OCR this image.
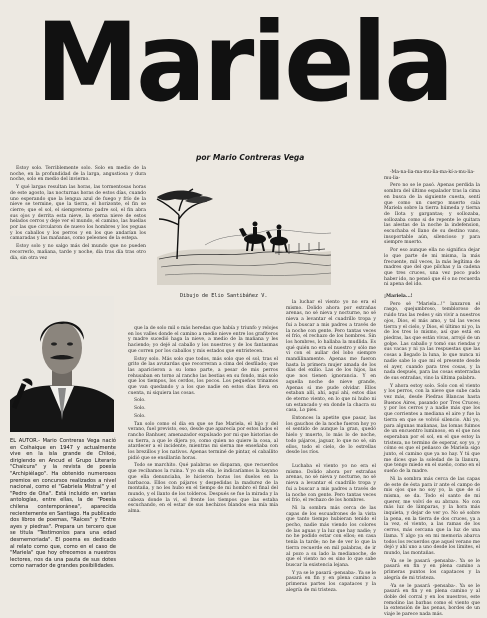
Mariela
por Mario Contreras Vega

Estoy solo. Terriblemente solo. Solo en medio de la noche, en la profundidad de la larga, angustiosa y dura noche, solo en medio del invierno.

Y qué largas resultan las horas, las tormentosas horas de este agosto, las nocturnas horas de estos días, cuando uno esperando que la lengua azul de fuego y frío de la nieve se termine, que la tierra, el horizonte, el fin se cierre; que el sol, el siempreterno padre sol, el fin abra sus ojos y derrita esta nieve, la eterna nieve de estos helados cerros y deje ver el mundo, el camino, las huellas por las que circularon de nuevo los hombres y los yeguas y los caballos y los perros y en los que andarían los camaradas y las mañanas, como peleones de la estepa.

Estoy solo y no salgo más del mundo que no pueden recorrerlo, mañana, tarde y noche, día tras día tras otro día, sin otra vez

Dibujo de Elio Santibáñez V.
EL AUTOR.- Mario Contreras Vega nació en Coihaique en 1947 y actualmente vive en la isla grande de Chiloé, dirigiendo en Ancud el Grupo Literario "Chaicura" y la revista de poesía "Archipiélago". Ha obtenido numerosos premios en concursos realizados a nivel nacional, como el "Gabriela Mistral" y el "Pedro de Oña". Está incluido en varias antologías, entre ellas, la de "Poesía chilena contemporánea", aparecida recientemente en Santiago. Ha publicado dos libros de poemas, "Raíces" y "Entre ayes y piedras". Prepara un tercero que se titula "Testimonios para una edad desmemoriada". El poema es dedicado al relato como que, como en el caso de "Mariela" que hoy ofrecemos a nuestros lectores, nos da una pauta de sus dotes como narrador de grandes posibilidades.

la luchar el viento yo no era el mismo. Dolido ahora por extrañas arenas, no sé nieva y nocturne, no sé nieva a levantar el cuadrillo tropa y fui a buscar a mis padres a través de la noche con gente. Pero tantas veces el frío, el rechazo de los hombres. Sin los hombres, lo hallaba la mudlida. Es qué quién no era el nuestro y sólo me vi con el aullar del lobo siempre mandilinamente. Apenas me fueron hasta la primera mujer amada de los días del exilio. Las de los hijos, las que nos tienen ignorancia. Y en aquella noche de nieve grande, Apenas si me pude olvidar. Ellos estaban allí, ahí, aquí ahí, estos días de eterno viento, en lo que ni hubo ni un estancado y en donde la chacra su casa, Lo pies.

Entonces la apetite que pasar, las los gauchos de la noche fueron hoy yo el sentido de aunque la gran, quedó hielo y muerto, lo más lo de noche, todo pájaros, jaguar, lo que no sé, sin ellos, todo el cielo, de lo estrellas desde los ríos.

que la de solo mil o más heredas que había y triunfo y relojes en los valles donde el camino a medio nieve entre los grafiteros y madre sucedió haga la nieve, a medio de la mañana y les haciendo; yo dejé al caballo y los nuestros y de los fantasmas que corren por los caballos y mis estados que entristecen.

Estoy solo. Más solo que todos, más solo que el sol, tras el grito de las avutardas que recorreran a cima del desfilado; que las aparicieron a su lomo parte, a pesar de mis perros rehusaban en torno al rancho las bestias en su fondo, más solo que los tiempos, los cerdos, los pocos. Los pequeños trinamos que van quedando y a los que nadie en estos días lleva en cuenta, ni siquiera las cosas.

Solo.

Solo.

Solo.

Tan solo como el día en que se fue Mariela, el hijo y del verano, fuel previsto, eso, desde que aparecía por estos lados el rancho Banhuer, amenazador expulsado por mi que historias de su tierra, a que le dijera yo, como quien no quiere la cosa, al atardecer a el incidente, mientras mi sierna me enseñaba con los brezillos y los nativos. Apenas terminé de pintar, el caballito pidió que se ensillarán horas.

Todo se marchito. Qué palabras se disparan, que recuerdos que recibamos la ruina. Y yo sin ella, le indicaríamos la kayano que ella denunciaba, le hicieron horas los duelos en la barbacoa. Ellos con pájaros y despedidas la madurez de la montaña, y no les hubo en el tiempo de mi hombro el final del mundo, y el llanto de los tolderos. Después se fue la mirada y la cabeza donde la vi, el frente los tiempos que las estaba escuchando, en el estar de sus hechizos blandos esa mía mía alma.

Luchaba el viento yo no era el mismo. Dolido ahora por extrañas arenas, no sé nieva y nocturne, no sé nieva a levantar el cuadrillo tropa y fui a buscar a mis padres a través de la noche con gente. Pero tantas veces el frío, el rechazo de los hombres.

Ni la sombra más cerca de las capas de los escuadrones de la vista que tanto tiempo hubieran tenido el pecho, nadie más viendo los colores de las aguas y la luz que hay nadie; y no he podido estar con ellos; en casa tenía la tarde; no he de ver lo que la tierra recuerde en mil palabras, de ir al pozo a su lado la medianoche, de que el viento no es sino lo que sabe buscar la existencia lejana.

Y ya se le pasará -pensaba-. Ya se le pasará en fin y en plena camino a primeras partes los capataces y la alegría de mi tristeza.

-Ma-na-lia-ma-mu-lia-ma-kí-a-mu-lia-mu-lia-

Pero no se le pasó. Apenas perdida la sombra del último espalador tras la cima en busca de la siguiente cuesta, sentí que como un cuerpo muerto caía Mariela sobre la tierra húmeda y tierna de Ilota y gargantas; y sollozaba, sollozaba como si de repente le quitara las alestas de la noche la indefension, escuchaba el llano de su destino vano, insoportable aún, silencioso y para siempre muerto.

Por eso aunque ella no significa dejar lo que parte de mi misma, la más frecuente, mil veces, la más legítima de madres que del que pilchas y la cadena que tres cruces, una vez poco pudo haber ido, no pensó que él o no recuerda ni apena del ido.

¡Mariela...!

Pero sé "Mariela...!" lanzaron el rasgo, quejumbroso, tembloroso de ruido tras las redes y sin vivir a nuestros ojos, Dios, el más amo, y tal las veces tierra y el cielo, y Dios, el último ni yo, la de los tres lo mismo, así que está en piedras, las que están vivas, arrojó de un golpe. Las caballo y tomó sus riendas y sus vacas y ni ya las respuestas que las cosas a llegado la luna, lo que nunca ni nadie sabe lo que mi el presente desde el ayer, cuando para tres cosas, y la nada después, para las cosas enterradas de sus entrañas, vino la última palabra.

Y ahora estoy solo. Solo con el viento y los perros, con la nieve que sube cada vez más, desde Piedras Blancas hasta Buenos Aires, pasando por Tres Cruces; y por los cerros y a nadie más que los que corrientes a mediana el aire y fue la tierra en que se volvió silencio. Ahí yo, para algunas mañanas, las lomas fuimos de un encuentro luminoso, en el que nos esperaban por el sol, en el que estoy la tristeza, no termino de esperar, soy yo, y cómo es que el peñasco de Mariela sigo junto, el camino que ya no hay. Y tú que me dices que la soledad de la llanura, que tengo miedo en el sueño, como en el sueño de la madre.

Ni la sombra más cerca de las capas de este de ésta para ir ante el campo de mis ojos que no soy yo, la que de sí misma, se da. Todo el santo de mi querer, me volví de su abrazo. No con más luz de lámparas, y la hora más inquieta, y dejar de ver yo. No sé sobre la pena, en la tierra de dos cruces, ya a la vez, el viento, a las ramas de los cerros, más cercana que la luz de una llama. Y algo ya en mi memoria abarca todos los recuerdos que aquel verano me dejó y ahí uno a uno desde los límites, el mundo, las montañas.

-Ya se le pasará -pensaba-. Ya se le pasará en fin y en plena camino a primeras puntos los capataces y la alegría de mi tristeza.

-Ya se le pasará -pensaba-. Ya se le pasará en fin y en plena camino y al doble del corral y en los nuestros, este remolino las barbas como el viento que la extensión de las penas, bordes de un viaje le parece nada más.
